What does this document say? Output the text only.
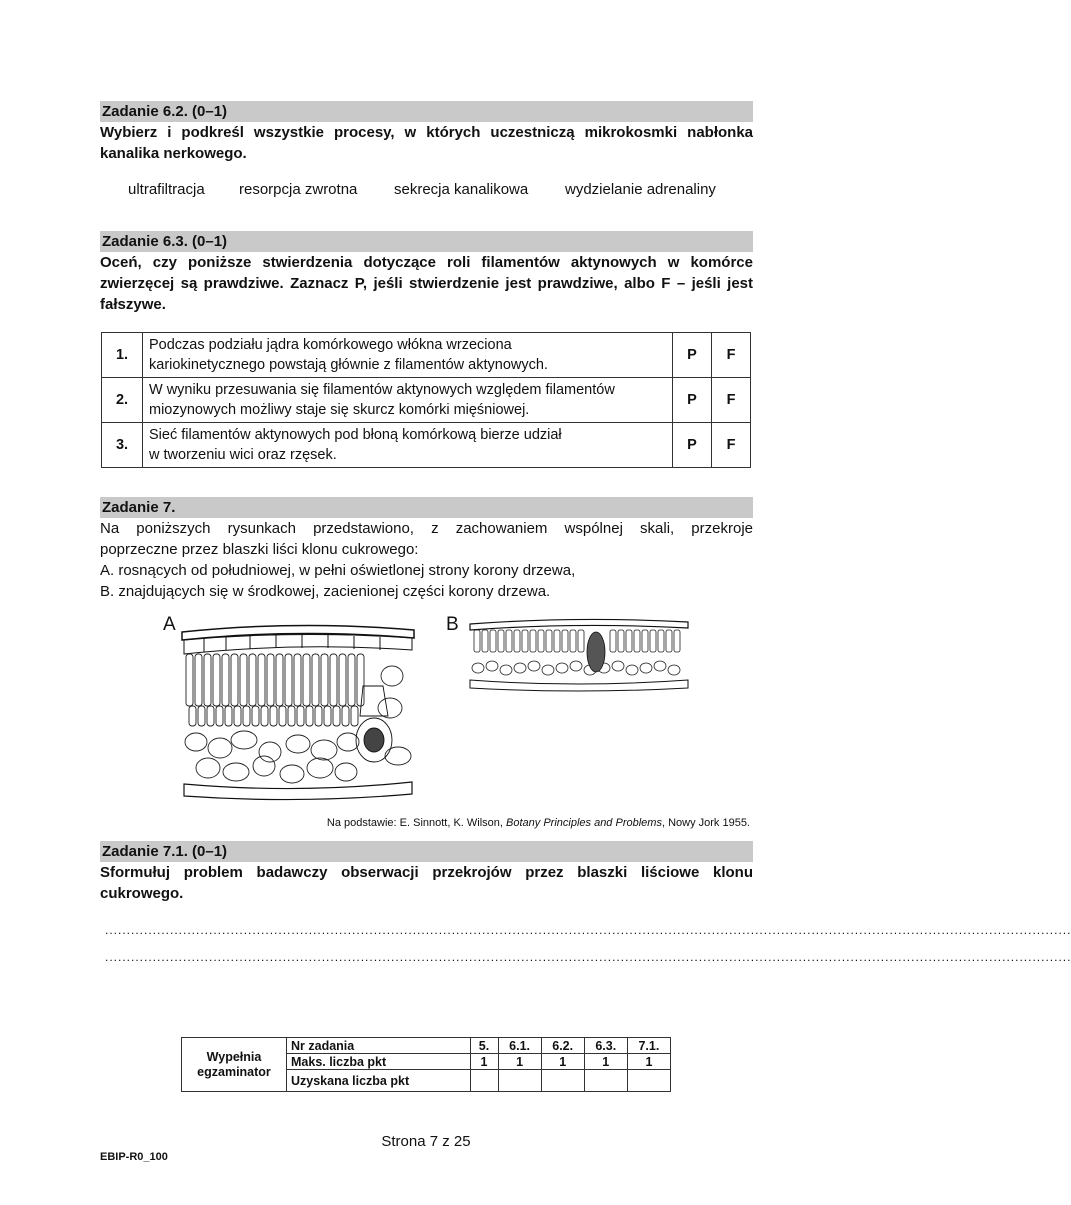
Zadanie 6.2. (0–1)
Wybierz i podkreśl wszystkie procesy, w których uczestniczą mikrokosmki nabłonka kanalika nerkowego.
ultrafiltracja resorpcja zwrotna sekrecja kanalikowa wydzielanie adrenaliny
Zadanie 6.3. (0–1)
Oceń, czy poniższe stwierdzenia dotyczące roli filamentów aktynowych w komórce zwierzęcej są prawdziwe. Zaznacz P, jeśli stwierdzenie jest prawdziwe, albo F – jeśli jest fałszywe.
1.	Podczas podziału jądra komórkowego włókna wrzeciona
kariokinetycznego powstają głównie z filamentów aktynowych.	P	F
2.	W wyniku przesuwania się filamentów aktynowych względem filamentów
miozynowych możliwy staje się skurcz komórki mięśniowej.	P	F
3.	Sieć filamentów aktynowych pod błoną komórkową bierze udział
w tworzeniu wici oraz rzęsek.	P	F
Zadanie 7.
Na poniższych rysunkach przedstawiono, z zachowaniem wspólnej skali, przekroje
poprzeczne przez blaszki liści klonu cukrowego:
A. rosnących od południowej, w pełni oświetlonej strony korony drzewa,
B. znajdujących się w środkowej, zacienionej części korony drzewa.
A	B
Na podstawie: E. Sinnott, K. Wilson, Botany Principles and Problems, Nowy Jork 1955.
Zadanie 7.1. (0–1)
Sformułuj problem badawczy obserwacji przekrojów przez blaszki liściowe klonu cukrowego.
...............................................................................................................................................................................................................................
...............................................................................................................................................................................................................................
Wypełnia egzaminator	Nr zadania	5.	6.1.	6.2.	6.3.	7.1.
	Maks. liczba pkt	1	1	1	1	1
	Uzyskana liczba pkt					
Strona 7 z 25
EBIP-R0_100
